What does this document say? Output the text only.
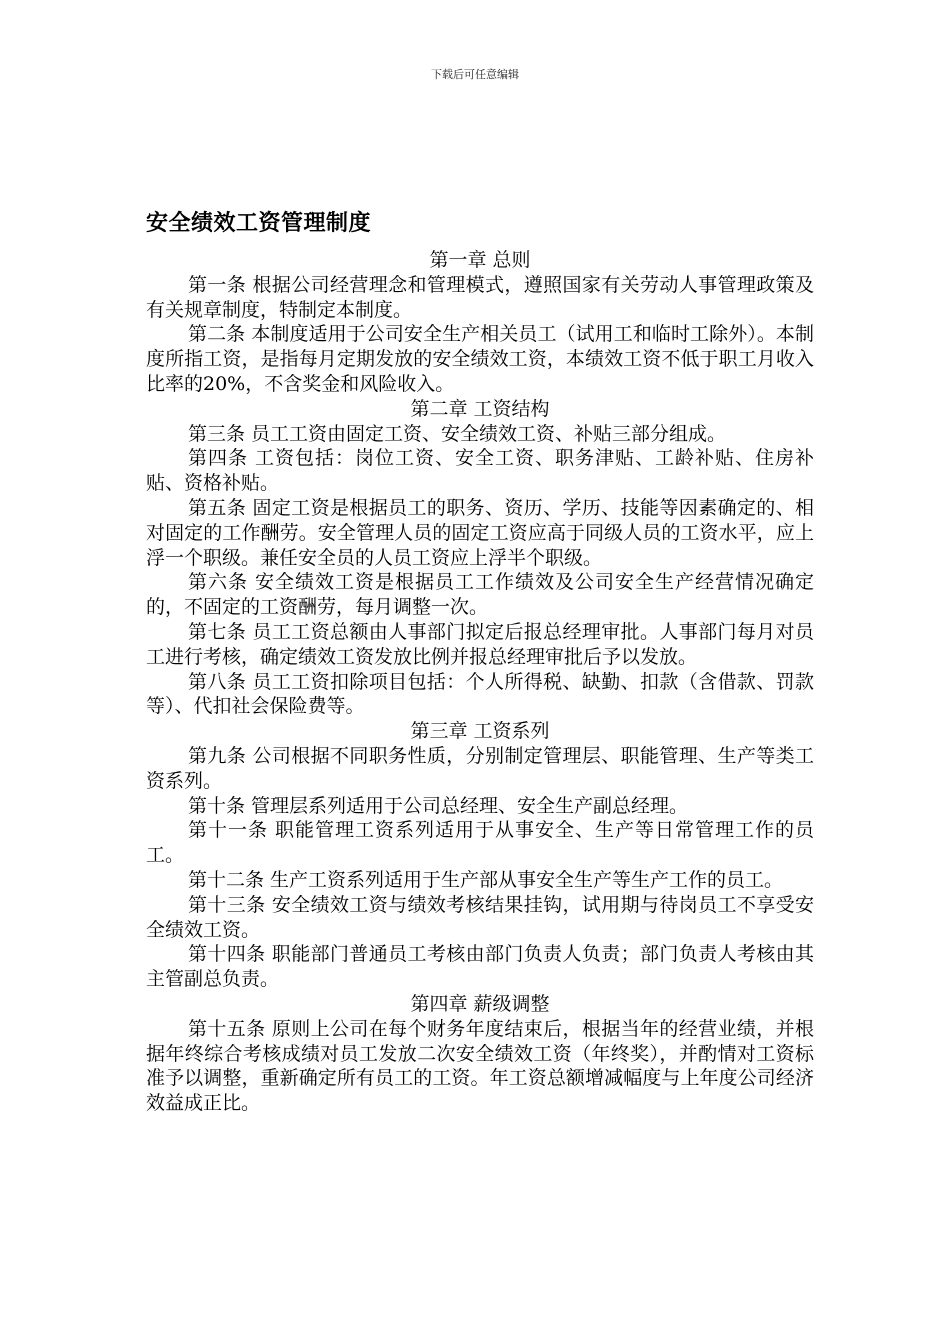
下载后可任意编辑
安全绩效工资管理制度

第一章 总则

第一条 根据公司经营理念和管理模式，遵照国家有关劳动人事管理政策及有关规章制度，特制定本制度。

第二条 本制度适用于公司安全生产相关员工（试用工和临时工除外）。本制度所指工资，是指每月定期发放的安全绩效工资，本绩效工资不低于职工月收入比率的20%，不含奖金和风险收入。

第二章 工资结构

第三条 员工工资由固定工资、安全绩效工资、补贴三部分组成。

第四条 工资包括：岗位工资、安全工资、职务津贴、工龄补贴、住房补贴、资格补贴。

第五条 固定工资是根据员工的职务、资历、学历、技能等因素确定的、相对固定的工作酬劳。安全管理人员的固定工资应高于同级人员的工资水平，应上浮一个职级。兼任安全员的人员工资应上浮半个职级。

第六条 安全绩效工资是根据员工工作绩效及公司安全生产经营情况确定的，不固定的工资酬劳，每月调整一次。

第七条 员工工资总额由人事部门拟定后报总经理审批。人事部门每月对员工进行考核，确定绩效工资发放比例并报总经理审批后予以发放。

第八条 员工工资扣除项目包括：个人所得税、缺勤、扣款（含借款、罚款等）、代扣社会保险费等。

第三章 工资系列

第九条 公司根据不同职务性质，分别制定管理层、职能管理、生产等类工资系列。

第十条 管理层系列适用于公司总经理、安全生产副总经理。

第十一条 职能管理工资系列适用于从事安全、生产等日常管理工作的员工。

第十二条 生产工资系列适用于生产部从事安全生产等生产工作的员工。

第十三条 安全绩效工资与绩效考核结果挂钩，试用期与待岗员工不享受安全绩效工资。

第十四条 职能部门普通员工考核由部门负责人负责；部门负责人考核由其主管副总负责。

第四章 薪级调整

第十五条 原则上公司在每个财务年度结束后，根据当年的经营业绩，并根据年终综合考核成绩对员工发放二次安全绩效工资（年终奖），并酌情对工资标准予以调整，重新确定所有员工的工资。年工资总额增减幅度与上年度公司经济效益成正比。
